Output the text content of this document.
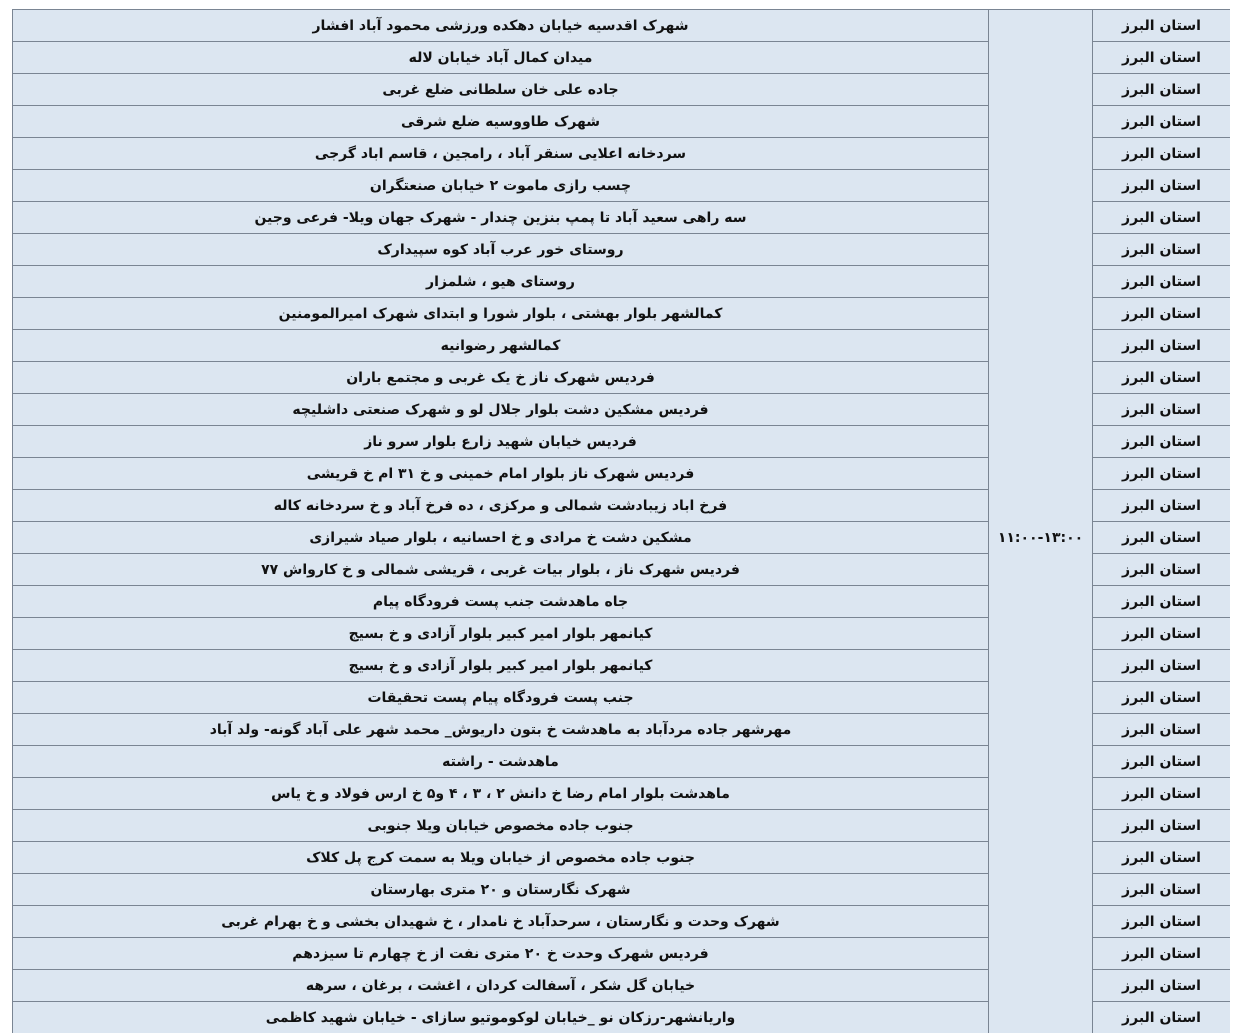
استان البرز	۱۱:۰۰-۱۳:۰۰	شهرک اقدسیه خیابان دهکده ورزشی محمود آباد افشار
استان البرز		میدان کمال آباد خیابان لاله
استان البرز		جاده علی خان سلطانی ضلع غربی
استان البرز		شهرک طاووسیه ضلع شرقی
استان البرز		سردخانه اعلایی سنقر آباد ، رامجین ، قاسم اباد گرجی
استان البرز		چسب رازی ماموت ۲ خیابان صنعتگران
استان البرز		سه راهی سعید آباد تا پمپ بنزین چندار - شهرک جهان ویلا- فرعی وجین
استان البرز		روستای خور عرب آباد کوه سپیدارک
استان البرز		روستای هیو ، شلمزار
استان البرز		کمالشهر بلوار بهشتی ، بلوار شورا و ابتدای شهرک امیرالمومنین
استان البرز		کمالشهر رضوانیه
استان البرز		فردیس شهرک ناز خ یک غربی و مجتمع باران
استان البرز		فردیس مشکین دشت بلوار جلال لو و شهرک صنعتی داشلیچه
استان البرز		فردیس خیابان شهید زارع بلوار سرو ناز
استان البرز		فردیس شهرک ناز بلوار امام خمینی و خ ۳۱ ام خ قریشی
استان البرز		فرخ اباد زیبادشت شمالی و مرکزی ، ده فرخ آباد و خ سردخانه کاله
استان البرز		مشکین دشت خ مرادی و خ احسانیه ، بلوار صیاد شیرازی
استان البرز		فردیس شهرک ناز ، بلوار بیات غربی ، قریشی شمالی و خ کارواش ۷۷
استان البرز		جاه ماهدشت جنب پست فرودگاه پیام
استان البرز		کیانمهر بلوار امیر کبیر بلوار آزادی و خ بسیج
استان البرز		کیانمهر بلوار امیر کبیر بلوار آزادی و خ بسیج
استان البرز		جنب پست فرودگاه پیام پست تحقیقات
استان البرز		مهرشهر جاده مردآباد به ماهدشت خ بتون داریوش_ محمد شهر علی آباد گونه- ولد آباد
استان البرز		ماهدشت - راشته
استان البرز		ماهدشت بلوار امام رضا خ دانش ۲ ، ۳ ، ۴ و۵ خ ارس فولاد و خ یاس
استان البرز		جنوب جاده مخصوص خیابان ویلا جنوبی
استان البرز		جنوب جاده مخصوص از خیابان ویلا به سمت کرج پل کلاک
استان البرز		شهرک نگارستان و ۲۰ متری بهارستان
استان البرز		شهرک وحدت و نگارستان ، سرحدآباد خ نامدار ، خ شهیدان بخشی و خ بهرام غربی
استان البرز		فردیس شهرک وحدت خ ۲۰ متری نفت از خ چهارم تا سیزدهم
استان البرز		خیابان گل شکر ، آسفالت کردان ، اغشت ، برغان ، سرهه
استان البرز		واریانشهر-رزکان نو _خیابان لوکوموتیو سازای - خیابان شهید کاظمی
